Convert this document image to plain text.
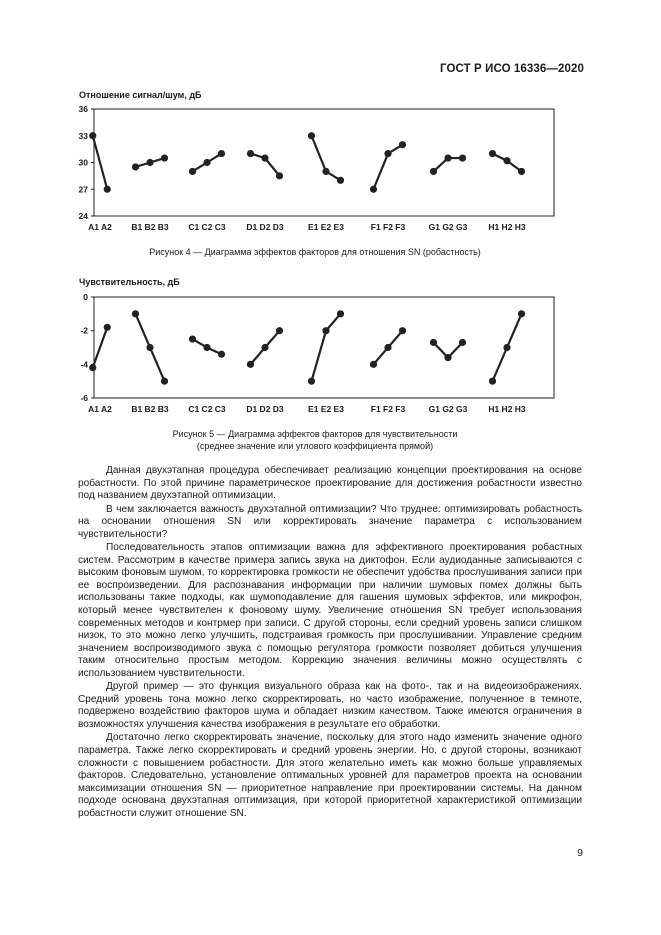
ГОСТ Р ИСО 16336—2020
Отношение сигнал/шум, дБ
24
27
30
33
36
A1 A2 B1 B2 B3 C1 C2 C3 D1 D2 D3	E1 E2 E3	F1 F2 F3	G1 G2 G3 H1 H2 H3
Рисунок 4 — Диаграмма эффектов факторов для отношения SN (робастность)
Чувствительность, дБ
0
-2
-4
-6
A1 A2 B1 B2 B3 C1 C2 C3 D1 D2 D3	E1 E2 E3	F1 F2 F3	G1 G2 G3 H1 H2 H3
Рисунок 5 — Диаграмма эффектов факторов для чувствительности
(среднее значение или углового коэффициента прямой)

Данная двухэтапная процедура обеспечивает реализацию концепции проектирования на основе робастности. По этой причине параметрическое проектирование для достижения робастности известно под названием двухэтапной оптимизации.

В чем заключается важность двухэтапной оптимизации? Что труднее: оптимизировать робастность на основании отношения SN или корректировать значение параметра с использованием чувствительности?

Последовательность этапов оптимизации важна для эффективного проектирования робастных систем. Рассмотрим в качестве примера запись звука на диктофон. Если аудиоданные записываются с высоким фоновым шумом, то корректировка громкости не обеспечит удобства прослушивания записи при ее воспроизведении. Для распознавания информации при наличии шумовых помех должны быть использованы такие подходы, как шумоподавление для гашения шумовых эффектов, или микрофон, который менее чувствителен к фоновому шуму. Увеличение отношения SN требует использования современных методов и контрмер при записи. С другой стороны, если средний уровень записи слишком низок, то это можно легко улучшить, подстраивая громкость при прослушивании. Управление средним значением воспроизводимого звука с помощью регулятора громкости позволяет добиться улучшения таким относительно простым методом. Коррекцию значения величины можно осуществлять с использованием чувствительности.

Другой пример — это функция визуального образа как на фото-, так и на видеоизображениях. Средний уровень тона можно легко скорректировать, но часто изображение, полученное в темноте, подвержено воздействию факторов шума и обладает низким качеством. Также имеются ограничения в возможностях улучшения качества изображения в результате его обработки.

Достаточно легко скорректировать значение, поскольку для этого надо изменить значение одного параметра. Также легко скорректировать и средний уровень энергии. Но, с другой стороны, возникают сложности с повышением робастности. Для этого желательно иметь как можно больше управляемых факторов. Следовательно, установление оптимальных уровней для параметров проекта на основании максимизации отношения SN — приоритетное направление при проектировании системы. На данном подходе основана двухэтапная оптимизация, при которой приоритетной характеристикой оптимизации робастности служит отношение SN.

9
